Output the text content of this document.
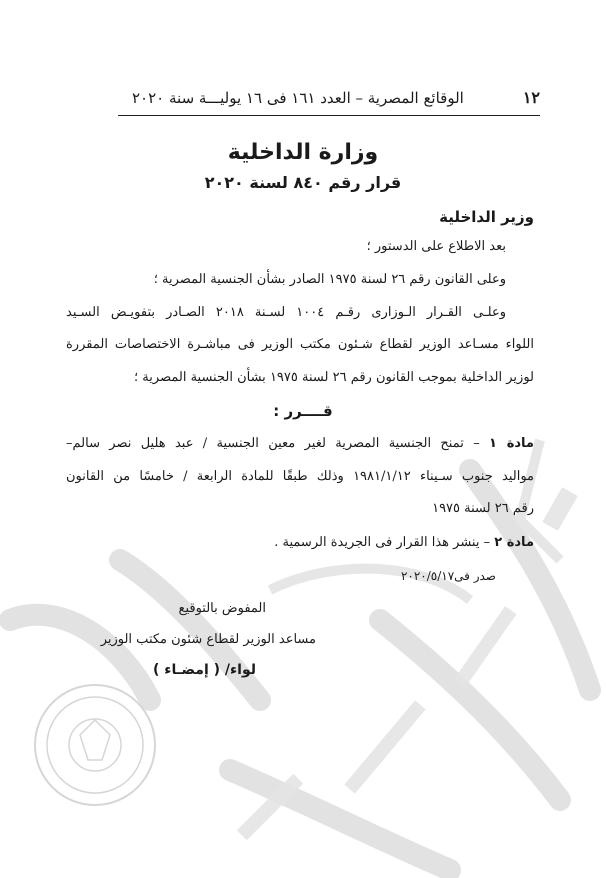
١٢
الوقائع المصرية – العدد ١٦١ فى ١٦ يوليـــة سنة ٢٠٢٠
وزارة الداخلية
قرار رقم ٨٤٠ لسنة ٢٠٢٠
وزير الداخلية
بعد الاطلاع على الدستور ؛
وعلى القانون رقم ٢٦ لسنة ١٩٧٥ الصادر بشأن الجنسية المصرية ؛
وعلـى القـرار الـوزارى رقـم ١٠٠٤ لسـنة ٢٠١٨ الصـادر بتفويـض السـيد
اللواء مسـاعد الوزير لقطاع شـئون مكتب الوزير فى مباشـرة الاختصاصات المقررة
لوزير الداخلية بموجب القانون رقم ٢٦ لسنة ١٩٧٥ بشأن الجنسية المصرية ؛
قــــرر :
مادة ١ – تمنح الجنسية المصرية لغير معين الجنسية / عبد هليل نصر سالم–
مواليد جنوب سـيناء ١٩٨١/١/١٢ وذلك طبقًا للمادة الرابعة / خامسًا من القانون
رقم ٢٦ لسنة ١٩٧٥
مادة ٢ – ينشر هذا القرار فى الجريدة الرسمية .
صدر فى٢٠٢٠/٥/١٧
المفوض بالتوقيع
مساعد الوزير لقطاع شئون مكتب الوزير
لواء/ ( إمضـاء )
